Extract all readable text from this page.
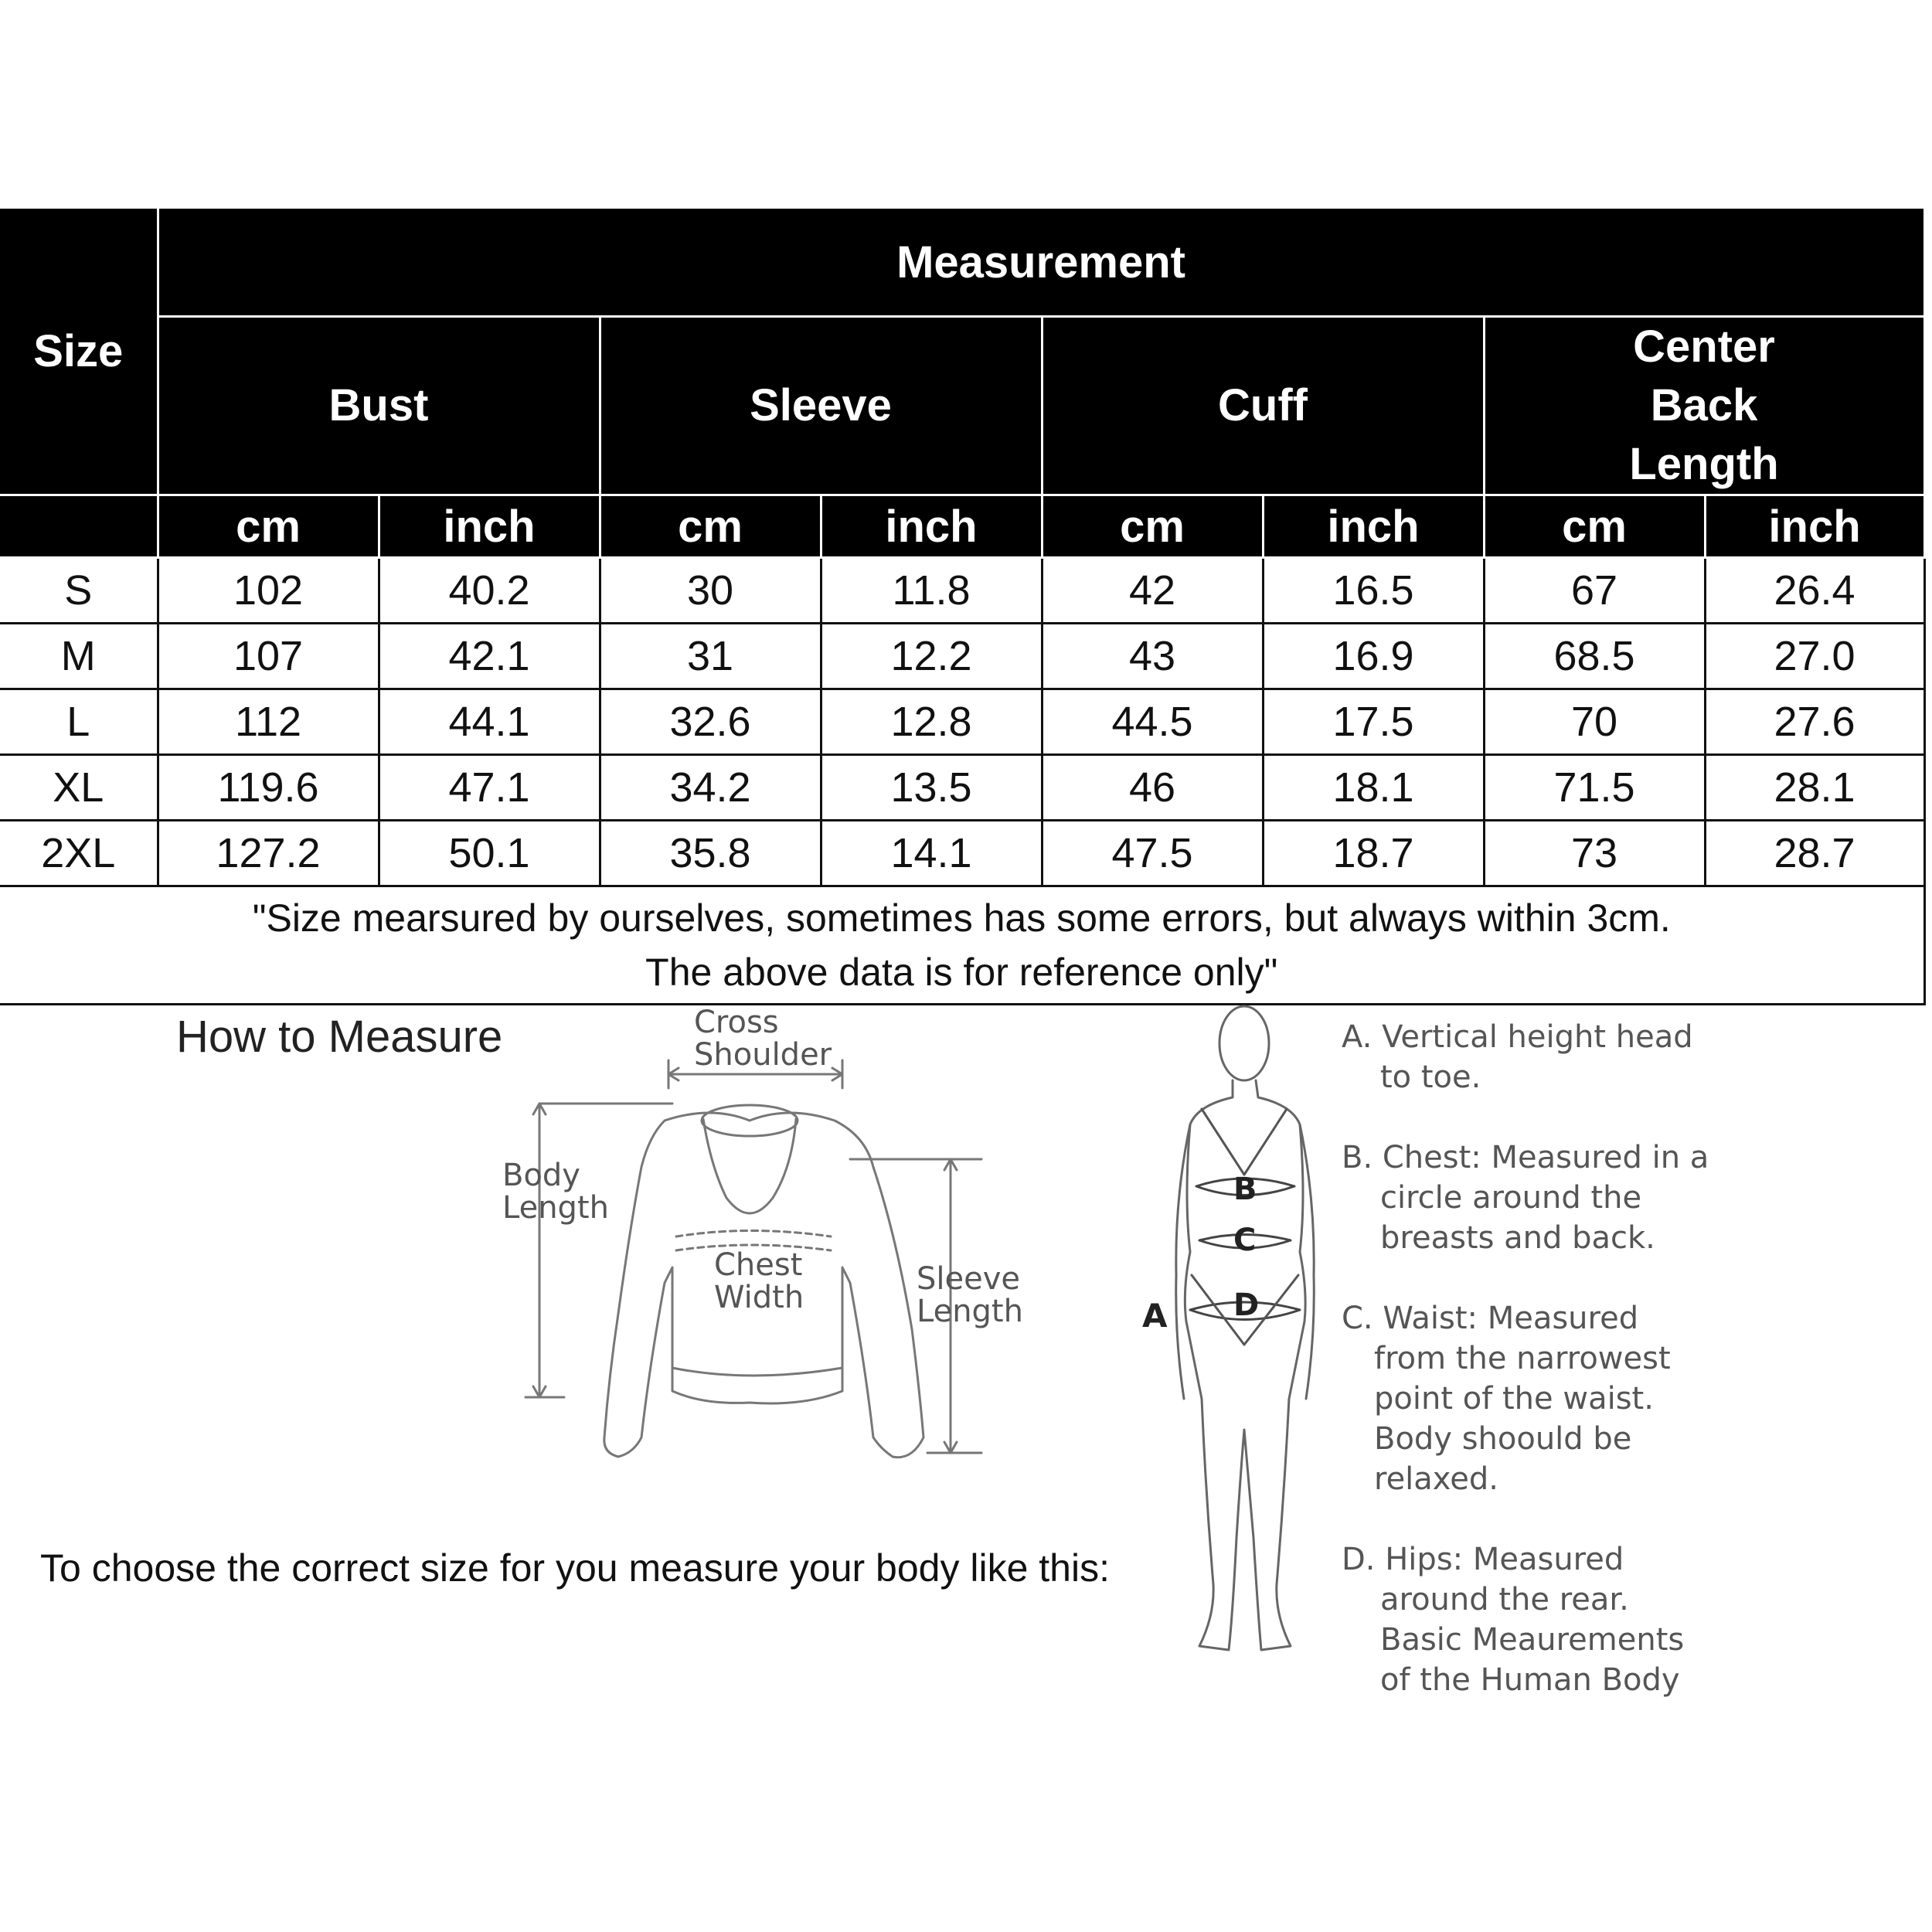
Size	Measurement							
	Bust		Sleeve		Cuff		Center Back Length	
	cm	inch	cm	inch	cm	inch	cm	inch
S	102	40.2	30	11.8	42	16.5	67	26.4
M	107	42.1	31	12.2	43	16.9	68.5	27.0
L	112	44.1	32.6	12.8	44.5	17.5	70	27.6
XL	119.6	47.1	34.2	13.5	46	18.1	71.5	28.1
2XL	127.2	50.1	35.8	14.1	47.5	18.7	73	28.7

"Size mearsured by ourselves, sometimes has some errors, but always within 3cm.
The above data is for reference only"								
How to Measure
To choose the correct size for you measure your body like this:
Cross
Shoulder
Body
Length
Chest
Width
Sleeve
Length	A
B
C
D
A. Vertical height head
to toe.
B. Chest: Measured in a
circle around the
breasts and back.
C. Waist: Measured
from the narrowest
point of the waist.
Body shoould be
relaxed.
D. Hips: Measured
around the rear.
Basic Meaurements
of the Human Body
